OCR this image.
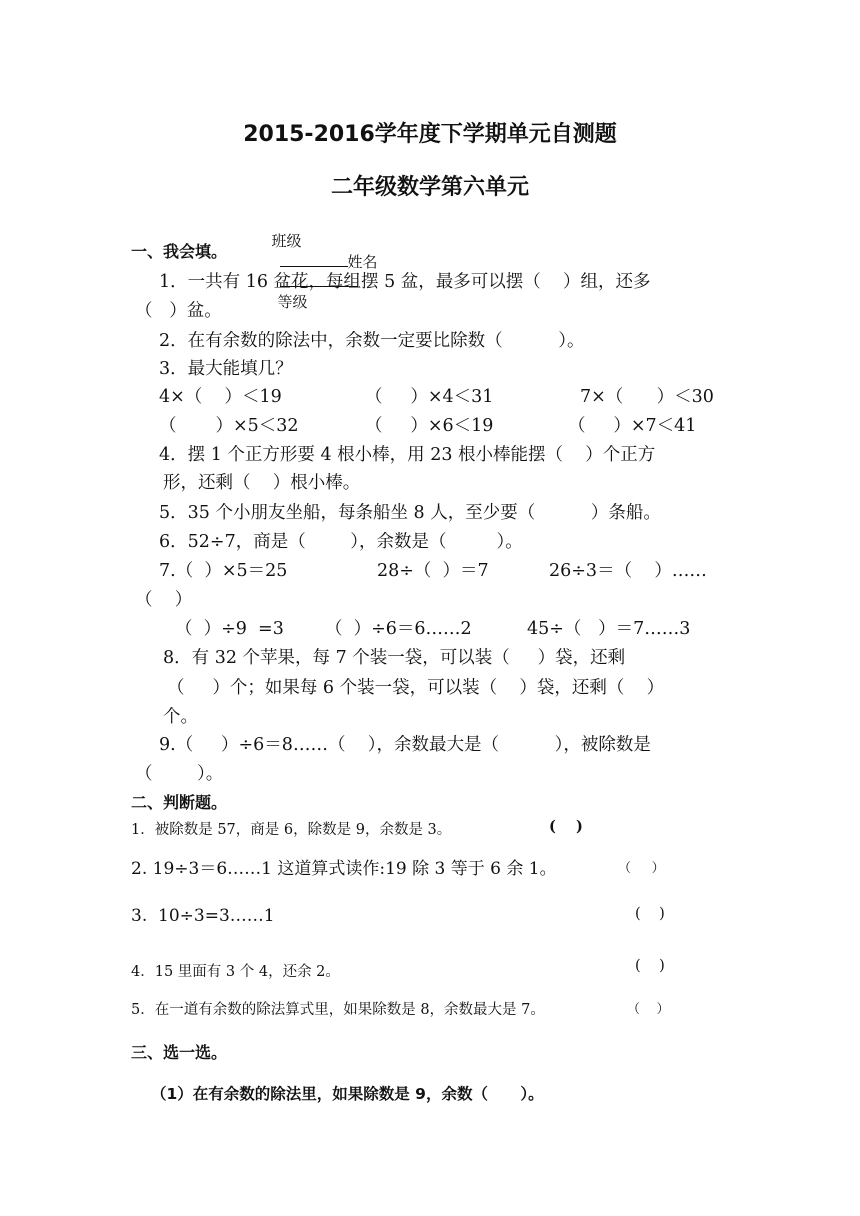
2015-2016学年度下学期单元自测题
二年级数学第六单元

班级
姓名

等级

一、我会填。
1．一共有 16 盆花，每组摆 5 盆，最多可以摆（    ）组，还多
（   ）盆。
2．在有余数的除法中，余数一定要比除数（          ）。
3．最大能填几？
4×（    ）＜19	（     ）×4＜31	7×（      ）＜30
（       ）×5＜32	（     ）×6＜19	（     ）×7＜41
4．摆 1 个正方形要 4 根小棒，用 23 根小棒能摆（    ）个正方
形，还剩（    ）根小棒。
5．35 个小朋友坐船，每条船坐 8 人，至少要（          ）条船。
6．52÷7，商是（        ），余数是（         ）。
7.（  ）×5＝25	28÷（  ）＝7	26÷3＝（    ）……
（    ）
（  ）÷9  =3 （  ）÷6＝6……2	45÷（   ）＝7……3
8．有 32 个苹果，每 7 个装一袋，可以装（     ）袋，还剩
（     ）个；如果每 6 个装一袋，可以装（    ）袋，还剩（    ）
个。
9.（     ）÷6＝8……（    ），余数最大是（          ），被除数是
（        ）。
二、判断题。
1．被除数是 57，商是 6，除数是 9，余数是 3。	(    )
2. 19÷3＝6……1 这道算式读作:19 除 3 等于 6 余 1。	（     ）
3.  10÷3=3……1	(    )
4．15 里面有 3 个 4，还余 2。	(    )
5．在一道有余数的除法算式里，如果除数是 8，余数最大是 7。	（    ）
三、选一选。
（1）在有余数的除法里，如果除数是 9，余数（      ）。
